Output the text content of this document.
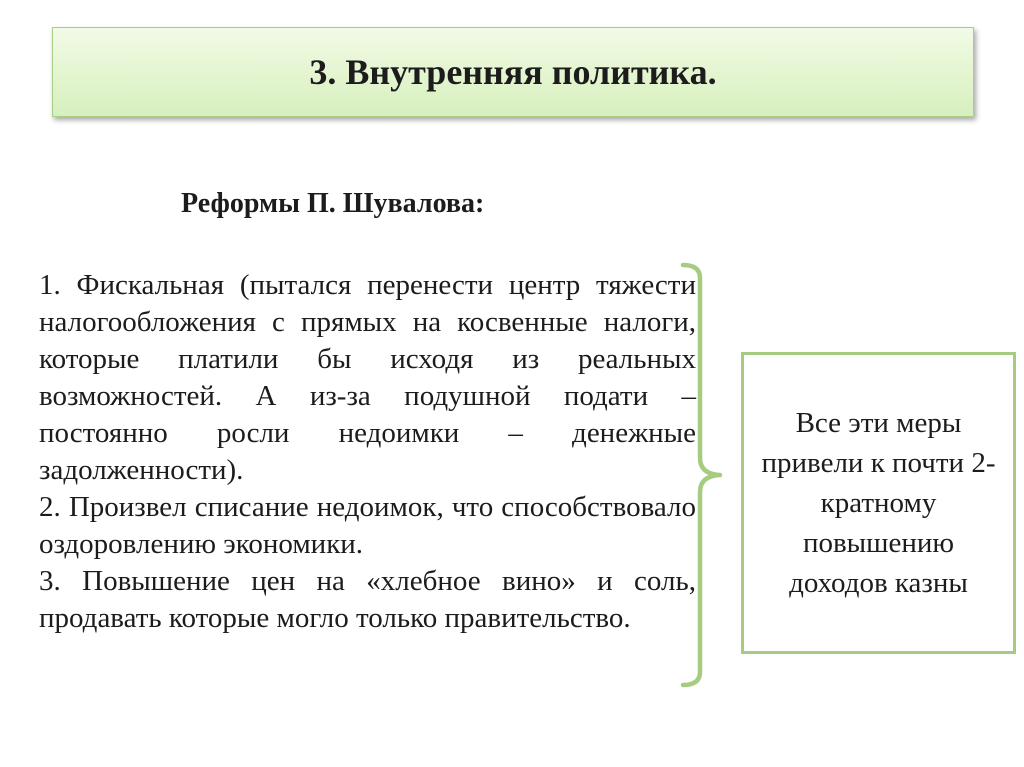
3. Внутренняя политика.
Реформы П. Шувалова:

1. Фискальная (пытался перенести центр тяжести налогообложения с прямых на косвенные налоги, которые платили бы исходя из реальных возможностей. А из-за подушной подати – постоянно росли недоимки – денежные задолженности).

2. Произвел списание недоимок, что способствовало оздоровлению экономики.

3. Повышение цен на «хлебное вино» и соль, продавать которые могло только правительство.

Все эти меры привели к почти 2-кратному повышению доходов казны
